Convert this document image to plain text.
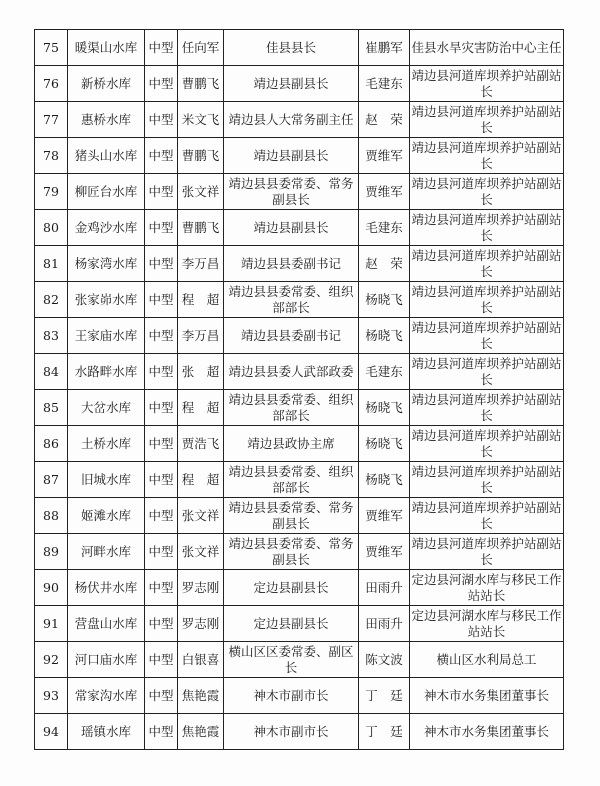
75	暖渠山水库	中型	任向军	佳县县长	崔鹏军	佳县水旱灾害防治中心主任
76	新桥水库	中型	曹鹏飞	靖边县副县长	毛建东	靖边县河道库坝养护站副站长
77	惠桥水库	中型	米文飞	靖边县人大常务副主任	赵　荣	靖边县河道库坝养护站副站长
78	猪头山水库	中型	曹鹏飞	靖边县副县长	贾维军	靖边县河道库坝养护站副站长
79	柳匠台水库	中型	张文祥	靖边县县委常委、常务副县长	贾维军	靖边县河道库坝养护站副站长
80	金鸡沙水库	中型	曹鹏飞	靖边县副县长	毛建东	靖边县河道库坝养护站副站长
81	杨家湾水库	中型	李万昌	靖边县县委副书记	赵　荣	靖边县河道库坝养护站副站长
82	张家峁水库	中型	程　超	靖边县县委常委、组织部部长	杨晓飞	靖边县河道库坝养护站副站长
83	王家庙水库	中型	李万昌	靖边县县委副书记	杨晓飞	靖边县河道库坝养护站副站长
84	水路畔水库	中型	张　超	靖边县县委人武部政委	毛建东	靖边县河道库坝养护站副站长
85	大岔水库	中型	程　超	靖边县县委常委、组织部部长	杨晓飞	靖边县河道库坝养护站副站长
86	土桥水库	中型	贾浩飞	靖边县政协主席	杨晓飞	靖边县河道库坝养护站副站长
87	旧城水库	中型	程　超	靖边县县委常委、组织部部长	杨晓飞	靖边县河道库坝养护站副站长
88	姬滩水库	中型	张文祥	靖边县县委常委、常务副县长	贾维军	靖边县河道库坝养护站副站长
89	河畔水库	中型	张文祥	靖边县县委常委、常务副县长	贾维军	靖边县河道库坝养护站副站长
90	杨伏井水库	中型	罗志刚	定边县副县长	田雨升	定边县河湖水库与移民工作站站长
91	营盘山水库	中型	罗志刚	定边县副县长	田雨升	定边县河湖水库与移民工作站站长
92	河口庙水库	中型	白银喜	横山区区委常委、副区长	陈文波	横山区水利局总工
93	常家沟水库	中型	焦艳霞	神木市副市长	丁　廷	神木市水务集团董事长
94	瑶镇水库	中型	焦艳霞	神木市副市长	丁　廷	神木市水务集团董事长
